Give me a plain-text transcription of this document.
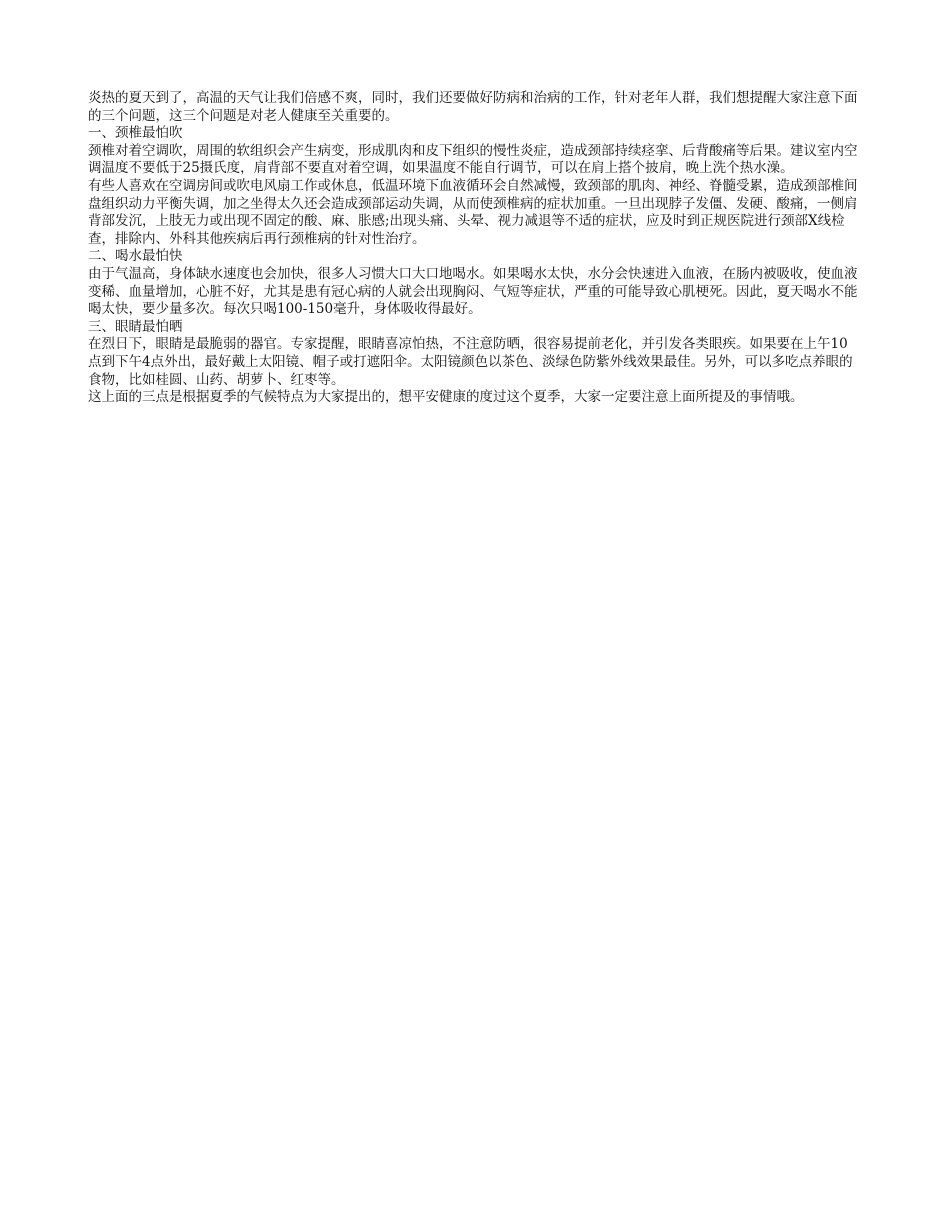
炎热的夏天到了，高温的天气让我们倍感不爽，同时，我们还要做好防病和治病的工作，针对老年人群，我们想提醒大家注意下面的三个问题，这三个问题是对老人健康至关重要的。

一、颈椎最怕吹

颈椎对着空调吹，周围的软组织会产生病变，形成肌肉和皮下组织的慢性炎症，造成颈部持续痉挛、后背酸痛等后果。建议室内空调温度不要低于25摄氏度，肩背部不要直对着空调，如果温度不能自行调节，可以在肩上搭个披肩，晚上洗个热水澡。

有些人喜欢在空调房间或吹电风扇工作或休息，低温环境下血液循环会自然减慢，致颈部的肌肉、神经、脊髓受累，造成颈部椎间盘组织动力平衡失调，加之坐得太久还会造成颈部运动失调，从而使颈椎病的症状加重。一旦出现脖子发僵、发硬、酸痛，一侧肩背部发沉，上肢无力或出现不固定的酸、麻、胀感;出现头痛、头晕、视力减退等不适的症状，应及时到正规医院进行颈部X线检查，排除内、外科其他疾病后再行颈椎病的针对性治疗。

二、喝水最怕快

由于气温高，身体缺水速度也会加快，很多人习惯大口大口地喝水。如果喝水太快，水分会快速进入血液，在肠内被吸收，使血液变稀、血量增加，心脏不好，尤其是患有冠心病的人就会出现胸闷、气短等症状，严重的可能导致心肌梗死。因此，夏天喝水不能喝太快，要少量多次。每次只喝100-150毫升，身体吸收得最好。

三、眼睛最怕晒

在烈日下，眼睛是最脆弱的器官。专家提醒，眼睛喜凉怕热，不注意防晒，很容易提前老化，并引发各类眼疾。如果要在上午10点到下午4点外出，最好戴上太阳镜、帽子或打遮阳伞。太阳镜颜色以茶色、淡绿色防紫外线效果最佳。另外，可以多吃点养眼的食物，比如桂圆、山药、胡萝卜、红枣等。

这上面的三点是根据夏季的气候特点为大家提出的，想平安健康的度过这个夏季，大家一定要注意上面所提及的事情哦。
